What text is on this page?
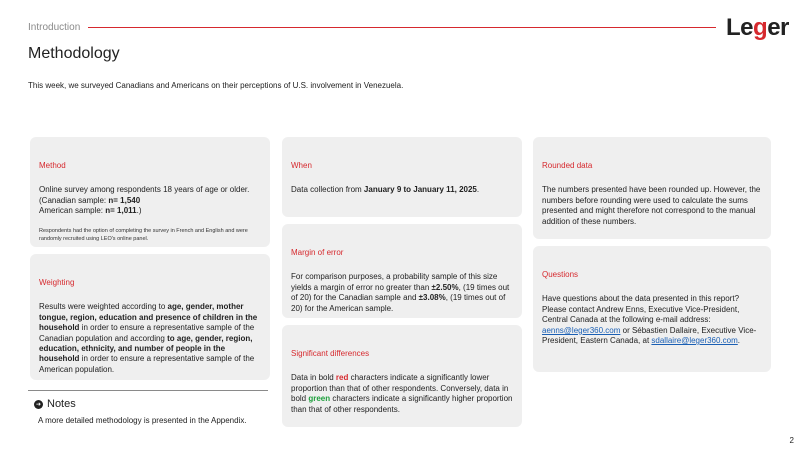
Introduction	Leger
Methodology
This week, we surveyed Canadians and Americans on their perceptions of U.S. involvement in Venezuela.
Method

Online survey among respondents 18 years of age or older.

(Canadian sample: n= 1,540

American sample: n= 1,011.)

Respondents had the option of completing the survey in French and English and were randomly recruited using LEO's online panel.

Weighting

Results were weighted according to age, gender, mother tongue, region, education and presence of children in the household in order to ensure a representative sample of the Canadian population and according to age, gender, region, education, ethnicity, and number of people in the household in order to ensure a representative sample of the American population.

When

Data collection from January 9 to January 11, 2025.

Margin of error

For comparison purposes, a probability sample of this size yields a margin of error no greater than ±2.50%, (19 times out of 20) for the Canadian sample and ±3.08%, (19 times out of 20) for the American sample.

Significant differences

Data in bold red characters indicate a significantly lower proportion than that of other respondents. Conversely, data in bold green characters indicate a significantly higher proportion than that of other respondents.

Rounded data

The numbers presented have been rounded up. However, the numbers before rounding were used to calculate the sums presented and might therefore not correspond to the manual addition of these numbers.

Questions

Have questions about the data presented in this report? Please contact Andrew Enns, Executive Vice-President, Central Canada at the following e-mail address: aenns@leger360.com or Sébastien Dallaire, Executive Vice-President, Eastern Canada, at sdallaire@leger360.com.

➜ Notes
A more detailed methodology is presented in the Appendix.
2
